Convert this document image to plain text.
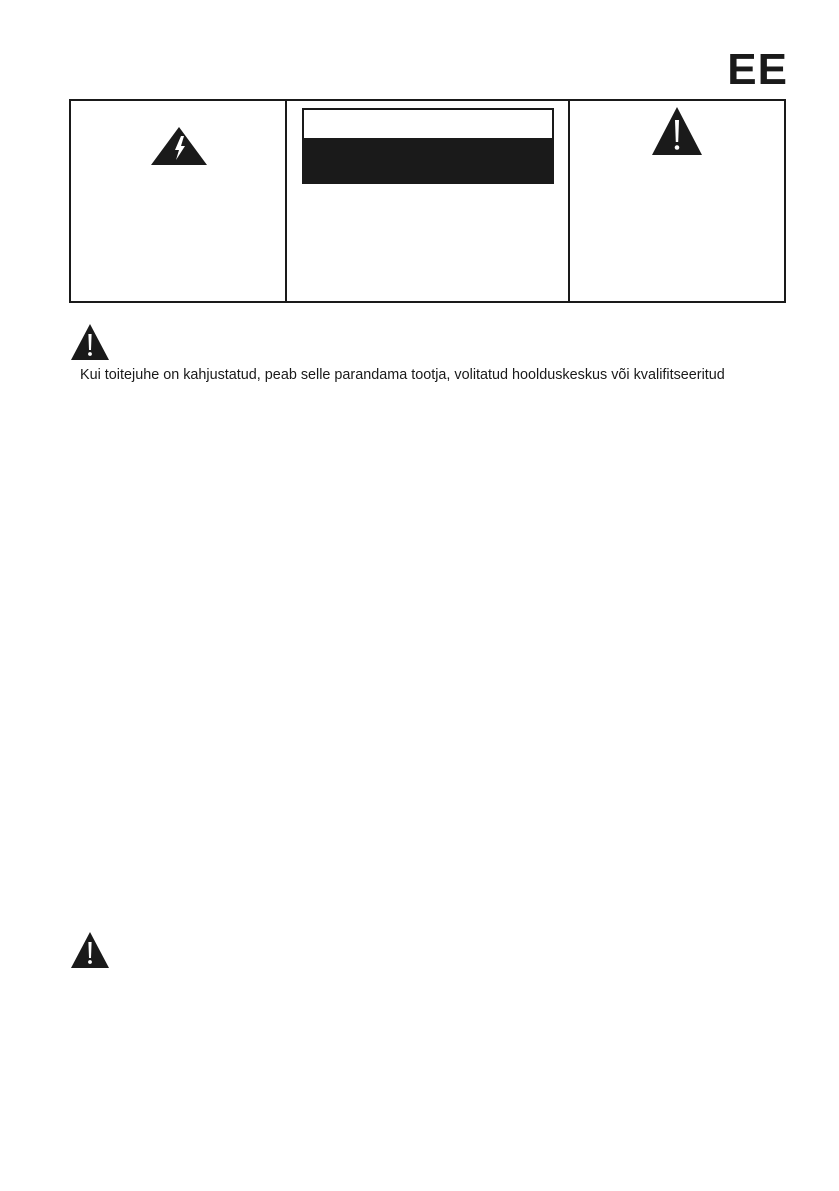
EE
Kui toitejuhe on kahjustatud, peab selle parandama tootja, volitatud hoolduskeskus või kvalifitseeritud
